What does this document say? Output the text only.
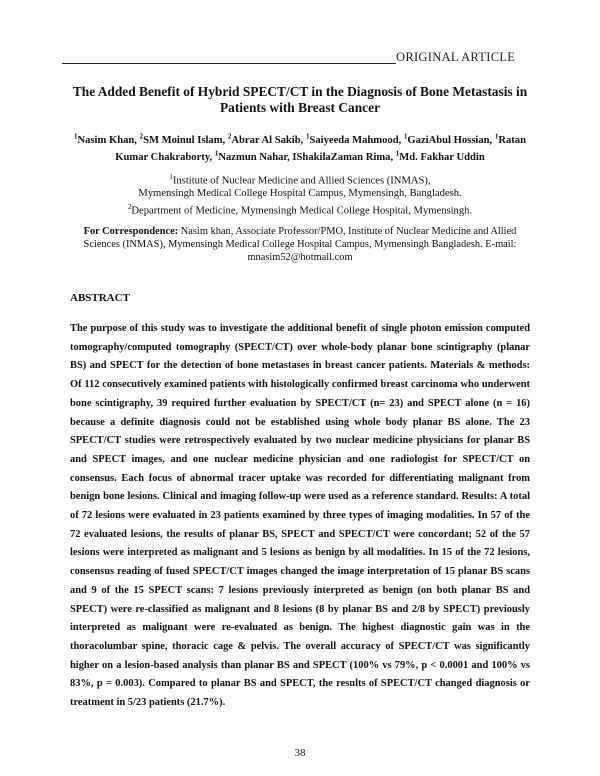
ORIGINAL ARTICLE
The Added Benefit of Hybrid SPECT/CT in the Diagnosis of Bone Metastasis in Patients with Breast Cancer
$^1$Nasim Khan, $^2$SM Moinul Islam, $^2$Abrar Al Sakib, $^1$Saiyeeda Mahmood, $^1$GaziAbul Hossian, $^1$Ratan Kumar Chakraborty, $^1$Nazmun Nahar, IShakilaZaman Rima, $^1$Md. Fakhar Uddin
$^1$Institute of Nuclear Medicine and Allied Sciences (INMAS),
Mymensingh Medical College Hospital Campus, Mymensingh, Bangladesh.
$^2$Department of Medicine, Mymensingh Medical College Hospital, Mymensingh.
For Correspondence: Nasim khan, Associate Professor/PMO, Institute of Nuclear Medicine and Allied Sciences (INMAS), Mymensingh Medical College Hospital Campus, Mymensingh Bangladesh. E-mail: mnasim52@hotmail.com
ABSTRACT
The purpose of this study was to investigate the additional benefit of single photon emission computed tomography/computed tomography (SPECT/CT) over whole-body planar bone scintigraphy (planar BS) and SPECT for the detection of bone metastases in breast cancer patients. Materials & methods: Of 112 consecutively examined patients with histologically confirmed breast carcinoma who underwent bone scintigraphy, 39 required further evaluation by SPECT/CT (n= 23) and SPECT alone (n = 16) because a definite diagnosis could not be established using whole body planar BS alone. The 23 SPECT/CT studies were retrospectively evaluated by two nuclear medicine physicians for planar BS and SPECT images, and one nuclear medicine physician and one radiologist for SPECT/CT on consensus. Each focus of abnormal tracer uptake was recorded for differentiating malignant from benign bone lesions. Clinical and imaging follow-up were used as a reference standard. Results: A total of 72 lesions were evaluated in 23 patients examined by three types of imaging modalities. In 57 of the 72 evaluated lesions, the results of planar BS, SPECT and SPECT/CT were concordant; 52 of the 57 lesions were interpreted as malignant and 5 lesions as benign by all modalities. In 15 of the 72 lesions, consensus reading of fused SPECT/CT images changed the image interpretation of 15 planar BS scans and 9 of the 15 SPECT scans: 7 lesions previously interpreted as benign (on both planar BS and SPECT) were re-classified as malignant and 8 lesions (8 by planar BS and 2/8 by SPECT) previously interpreted as malignant were re-evaluated as benign. The highest diagnostic gain was in the thoracolumbar spine, thoracic cage & pelvis. The overall accuracy of SPECT/CT was significantly higher on a lesion-based analysis than planar BS and SPECT (100% vs 79%, p < 0.0001 and 100% vs 83%, p = 0.003). Compared to planar BS and SPECT, the results of SPECT/CT changed diagnosis or treatment in 5/23 patients (21.7%).
38
